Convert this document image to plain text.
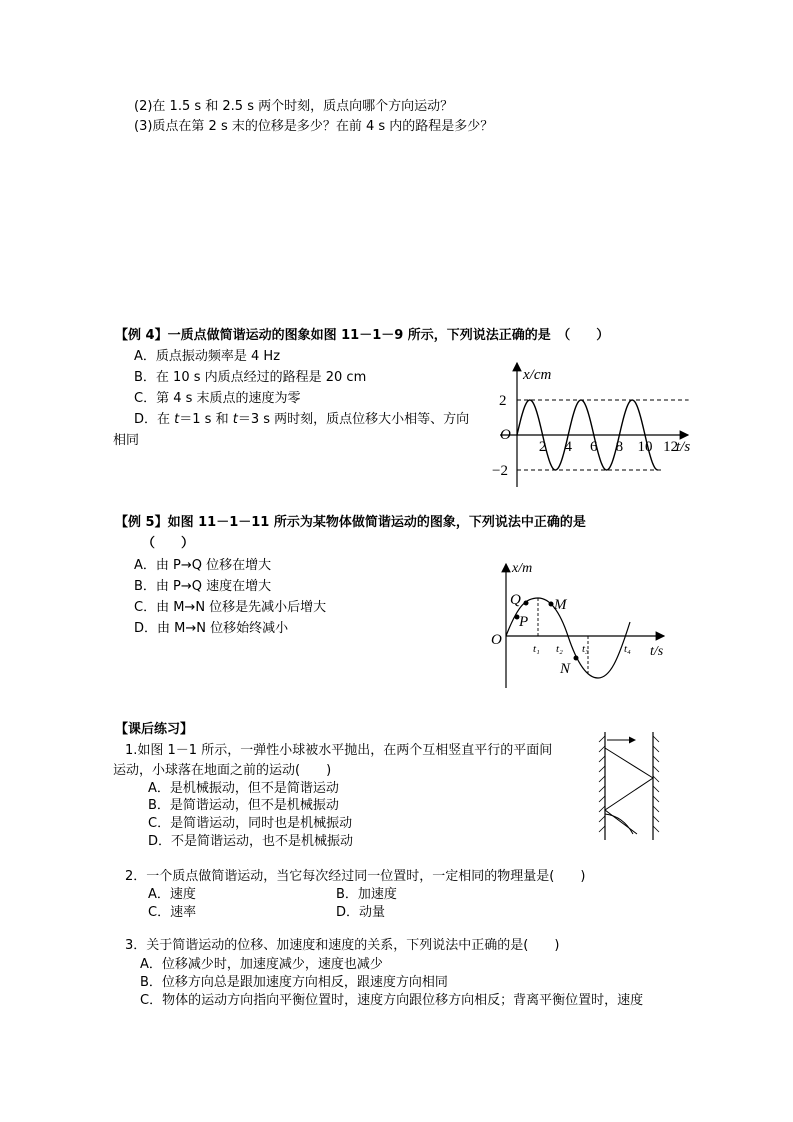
(2)在 1.5 s 和 2.5 s 两个时刻，质点向哪个方向运动？
(3)质点在第 2 s 末的位移是多少？在前 4 s 内的路程是多少？
【例 4】一质点做简谐运动的图象如图 11－1－9 所示，下列说法正确的是　（　　）
A．质点振动频率是 4 Hz
B．在 10 s 内质点经过的路程是 20 cm
C．第 4 s 末质点的速度为零
D．在 t＝1 s 和 t＝3 s 两时刻，质点位移大小相等、方向
相同
x/cm
t/s
O
2
−2
2 4 6 8 10 12
【例 5】如图 11－1－11 所示为某物体做简谐运动的图象，下列说法中正确的是
（　　）
A．由 P→Q 位移在增大
B．由 P→Q 速度在增大
C．由 M→N 位移是先减小后增大
D．由 M→N 位移始终减小
x/m
t/s
O
Q
P
M
N
t₁ t₂ t₃	t₄
【课后练习】
1.如图 1－1 所示，一弹性小球被水平抛出，在两个互相竖直平行的平面间
运动，小球落在地面之前的运动(　　)
A．是机械振动，但不是简谐运动
B．是简谐运动，但不是机械振动
C．是简谐运动，同时也是机械振动
D．不是简谐运动，也不是机械振动
2．一个质点做简谐运动，当它每次经过同一位置时，一定相同的物理量是(　　)
A．速度	B．加速度
C．速率	D．动量
3．关于简谐运动的位移、加速度和速度的关系，下列说法中正确的是(　　)
A．位移减少时，加速度减少，速度也减少
B．位移方向总是跟加速度方向相反，跟速度方向相同
C．物体的运动方向指向平衡位置时，速度方向跟位移方向相反；背离平衡位置时，速度
